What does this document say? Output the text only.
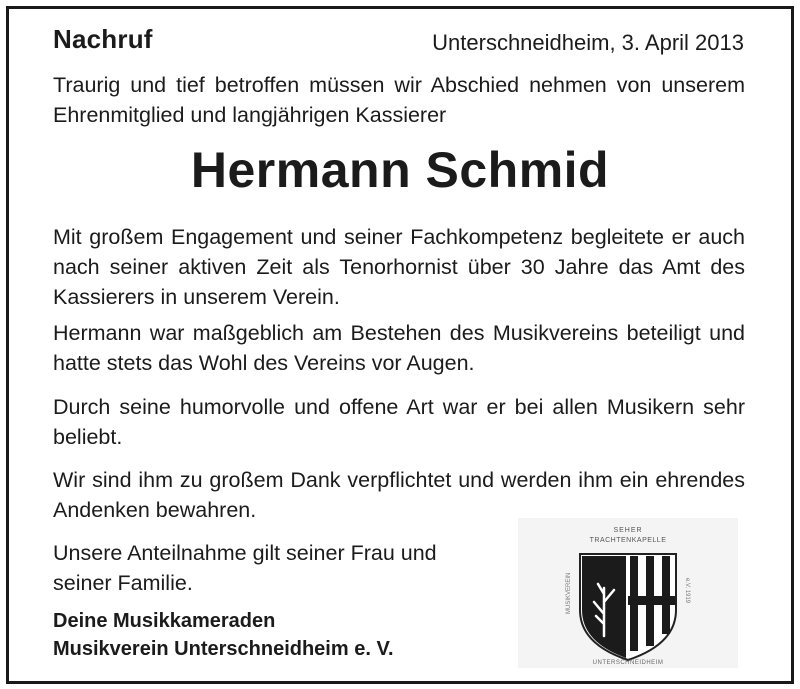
Nachruf	Unterschneidheim, 3. April 2013

Traurig und tief betroffen müssen wir Abschied nehmen von unserem Ehrenmitglied und langjährigen Kassierer

Hermann Schmid

Mit großem Engagement und seiner Fachkompetenz begleitete er auch nach seiner aktiven Zeit als Tenorhornist über 30 Jahre das Amt des Kassierers in unserem Verein.

Hermann war maßgeblich am Bestehen des Musikvereins beteiligt und hatte stets das Wohl des Vereins vor Augen.

Durch seine humorvolle und offene Art war er bei allen Musikern sehr beliebt.

Wir sind ihm zu großem Dank verpflichtet und werden ihm ein ehrendes Andenken bewahren.

Unsere Anteilnahme gilt seiner Frau und seiner Familie.

Deine Musikkameraden
Musikverein Unterschneidheim e. V.
SEHER
TRACHTENKAPELLE
MUSIKVEREIN	e.V. 1919
UNTERSCHNEIDHEIM
